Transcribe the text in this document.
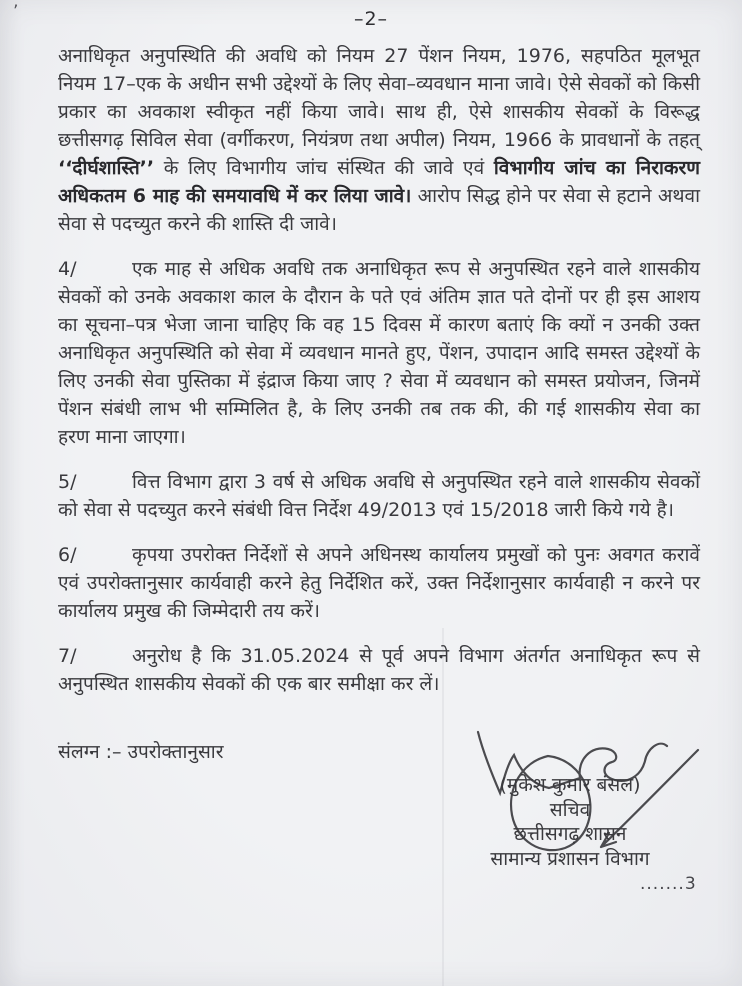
’	–2–

अनाधिकृत अनुपस्थिति की अवधि को नियम 27 पेंशन नियम, 1976, सहपठित मूलभूत नियम 17–एक के अधीन सभी उद्देश्यों के लिए सेवा–व्यवधान माना जावे। ऐसे सेवकों को किसी प्रकार का अवकाश स्वीकृत नहीं किया जावे। साथ ही, ऐसे शासकीय सेवकों के विरूद्ध छत्तीसगढ़ सिविल सेवा (वर्गीकरण, नियंत्रण तथा अपील) नियम, 1966 के प्रावधानों के तहत् ‘‘दीर्घशास्ति’’ के लिए विभागीय जांच संस्थित की जावे एवं विभागीय जांच का निराकरण अधिकतम 6 माह की समयावधि में कर लिया जावे। आरोप सिद्ध होने पर सेवा से हटाने अथवा सेवा से पदच्युत करने की शास्ति दी जावे।

4/	एक माह से अधिक अवधि तक अनाधिकृत रूप से अनुपस्थित रहने वाले शासकीय सेवकों को उनके अवकाश काल के दौरान के पते एवं अंतिम ज्ञात पते दोनों पर ही इस आशय का सूचना–पत्र भेजा जाना चाहिए कि वह 15 दिवस में कारण बताएं कि क्यों न उनकी उक्त अनाधिकृत अनुपस्थिति को सेवा में व्यवधान मानते हुए, पेंशन, उपादान आदि समस्त उद्देश्यों के लिए उनकी सेवा पुस्तिका में इंद्राज किया जाए ? सेवा में व्यवधान को समस्त प्रयोजन, जिनमें पेंशन संबंधी लाभ भी सम्मिलित है, के लिए उनकी तब तक की, की गई शासकीय सेवा का हरण माना जाएगा।

5/	वित्त विभाग द्वारा 3 वर्ष से अधिक अवधि से अनुपस्थित रहने वाले शासकीय सेवकों को सेवा से पदच्युत करने संबंधी वित्त निर्देश 49/2013 एवं 15/2018 जारी किये गये है।

6/	कृपया उपरोक्त निर्देशों से अपने अधिनस्थ कार्यालय प्रमुखों को पुनः अवगत करावें एवं उपरोक्तानुसार कार्यवाही करने हेतु निर्देशित करें, उक्त निर्देशानुसार कार्यवाही न करने पर कार्यालय प्रमुख की जिम्मेदारी तय करें।

7/	अनुरोध है कि 31.05.2024 से पूर्व अपने विभाग अंतर्गत अनाधिकृत रूप से अनुपस्थित शासकीय सेवकों की एक बार समीक्षा कर लें।

संलग्न :– उपरोक्तानुसार
(मुकेश कुमार बंसल)
सचिव
छत्तीसगढ़ शासन
सामान्य प्रशासन विभाग
.......3
